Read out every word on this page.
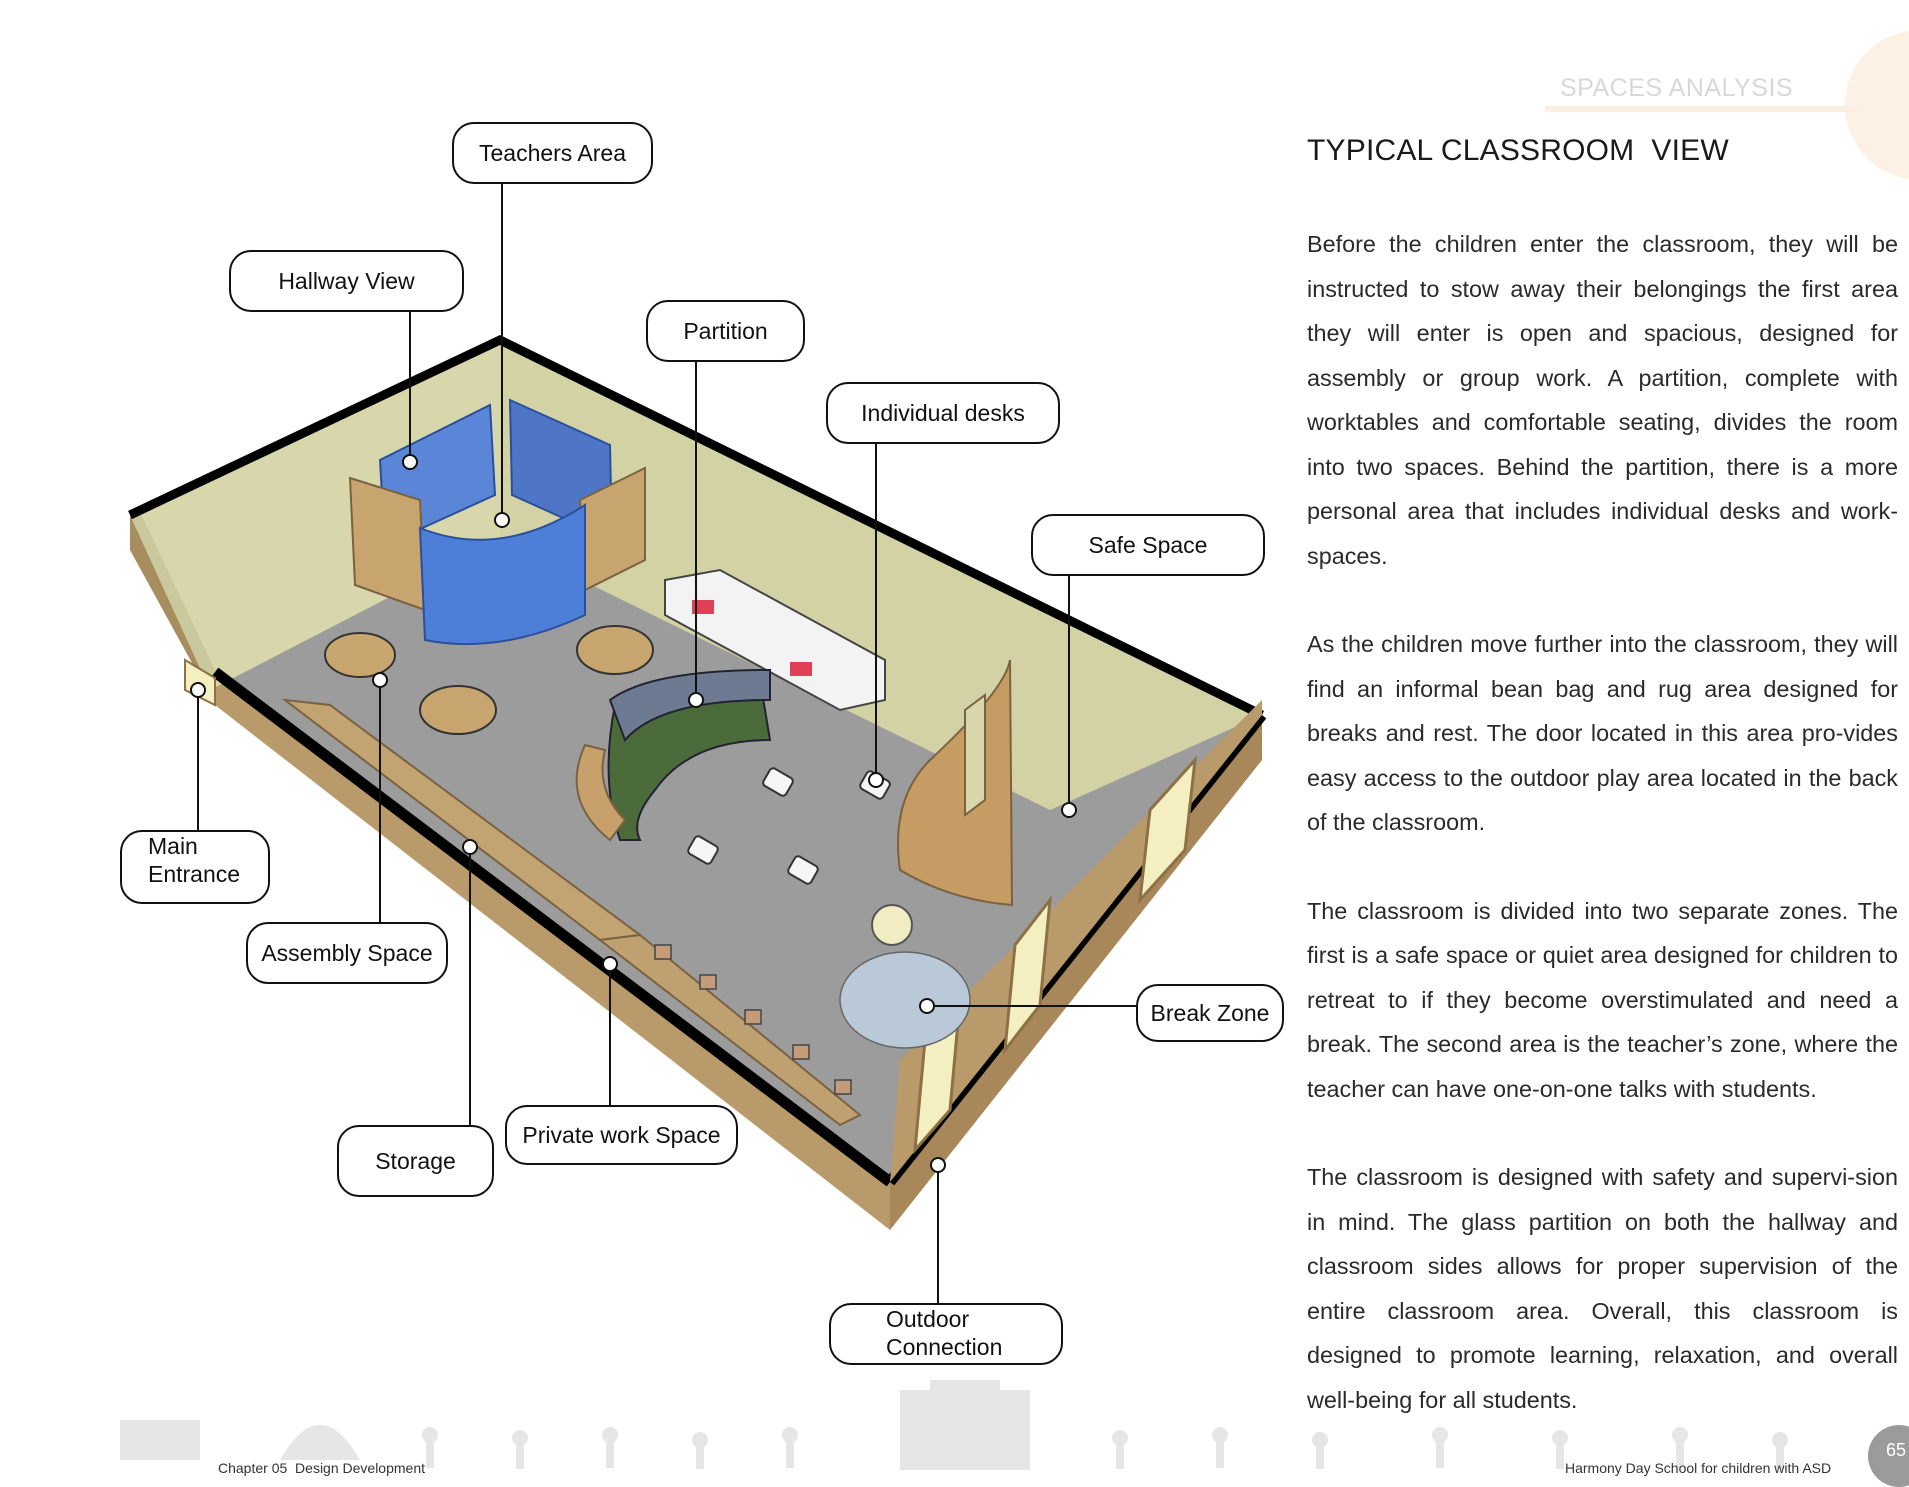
SPACES ANALYSIS
TYPICAL CLASSROOM  VIEW

Before the children enter the classroom, they will be instructed to stow away their belongings the first area they will enter is open and spacious, designed for assembly or group work. A partition, complete with worktables and comfortable seating, divides the room into two spaces. Behind the partition, there is a more personal area that includes individual desks and work-spaces.

As the children move further into the classroom, they will find an informal bean bag and rug area designed for breaks and rest. The door located in this area pro-vides easy access to the outdoor play area located in the back of the classroom.

The classroom is divided into two separate zones. The first is a safe space or quiet area designed for children to retreat to if they become overstimulated and need a break. The second area is the teacher’s zone, where the teacher can have one-on-one talks with students.

The classroom is designed with safety and supervi-sion in mind. The glass partition on both the hallway and classroom sides allows for proper supervision of the entire classroom area. Overall, this classroom is designed to promote learning, relaxation, and overall well-being for all students.

Teachers Area
Hallway View
Partition
Individual desks
Safe Space
Main
Entrance
Assembly Space
Break Zone
Storage
Private work Space
Outdoor
Connection
Chapter 05  Design Development	Harmony Day School for children with ASD
65
